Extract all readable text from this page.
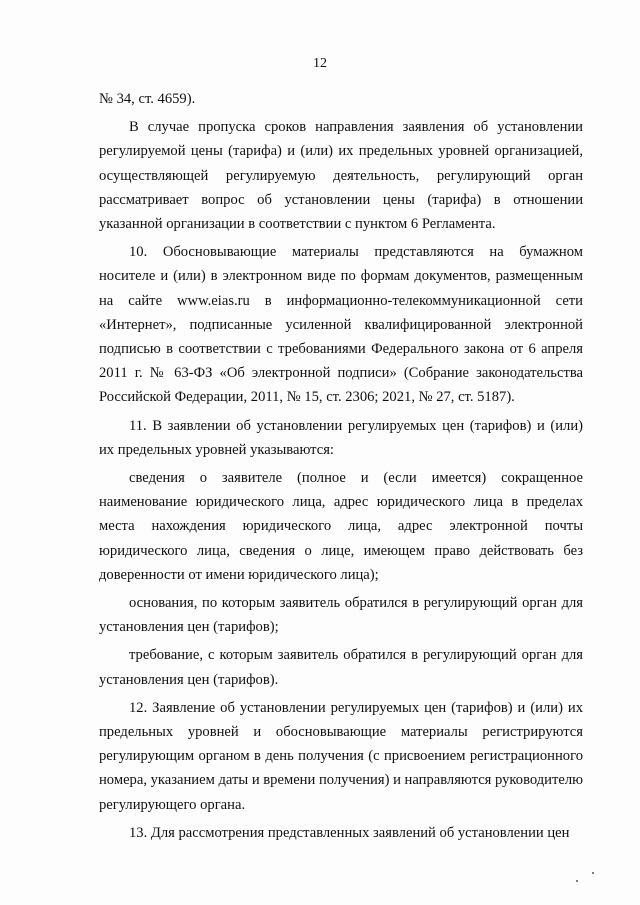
12

№ 34, ст. 4659).

В случае пропуска сроков направления заявления об установлении регулируемой цены (тарифа) и (или) их предельных уровней организацией, осуществляющей регулируемую деятельность, регулирующий орган рассматривает вопрос об установлении цены (тарифа) в отношении указанной организации в соответствии с пунктом 6 Регламента.

10. Обосновывающие материалы представляются на бумажном носителе и (или) в электронном виде по формам документов, размещенным на сайте www.eias.ru в информационно-телекоммуникационной сети «Интернет», подписанные усиленной квалифицированной электронной подписью в соответствии с требованиями Федерального закона от 6 апреля 2011 г. № 63-ФЗ «Об электронной подписи» (Собрание законодательства Российской Федерации, 2011, № 15, ст. 2306; 2021, № 27, ст. 5187).

11. В заявлении об установлении регулируемых цен (тарифов) и (или) их предельных уровней указываются:

сведения о заявителе (полное и (если имеется) сокращенное наименование юридического лица, адрес юридического лица в пределах места нахождения юридического лица, адрес электронной почты юридического лица, сведения о лице, имеющем право действовать без доверенности от имени юридического лица);

основания, по которым заявитель обратился в регулирующий орган для установления цен (тарифов);

требование, с которым заявитель обратился в регулирующий орган для установления цен (тарифов).

12. Заявление об установлении регулируемых цен (тарифов) и (или) их предельных уровней и обосновывающие материалы регистрируются регулирующим органом в день получения (с присвоением регистрационного номера, указанием даты и времени получения) и направляются руководителю регулирующего органа.

13. Для рассмотрения представленных заявлений об установлении цен
